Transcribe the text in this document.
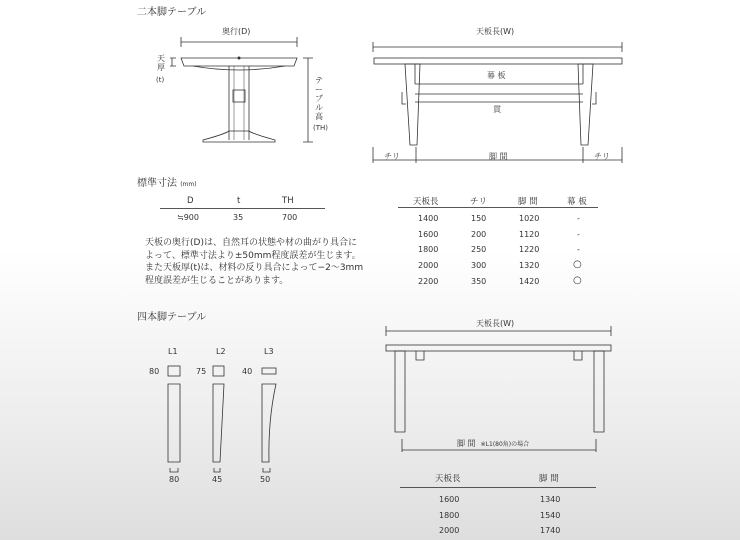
二本脚テーブル
奥行(D)
天厚
(t)	テーブル高
(TH)
天板長(W)
幕 板
貫
チリ	脚 間	チリ
標準寸法 (mm)
D	t	TH
≒900	35	700
天板の奥行(D)は、自然耳の状態や材の曲がり具合に
よって、標準寸法より±50mm程度誤差が生じます。
また天板厚(t)は、材料の反り具合によって−2〜3mm
程度誤差が生じることがあります。
天板長	チリ	脚 間	幕 板
1400	150	1020	-
1600	200	1120	-
1800	250	1220	-
2000	300	1320	○
2200	350	1420	○
四本脚テーブル
L1	L2	L3
80	75	40
80	45	50
天板長(W)
脚 間 ※L1(80角)の場合
天板長	脚 間
1600	1340
1800	1540
2000	1740
